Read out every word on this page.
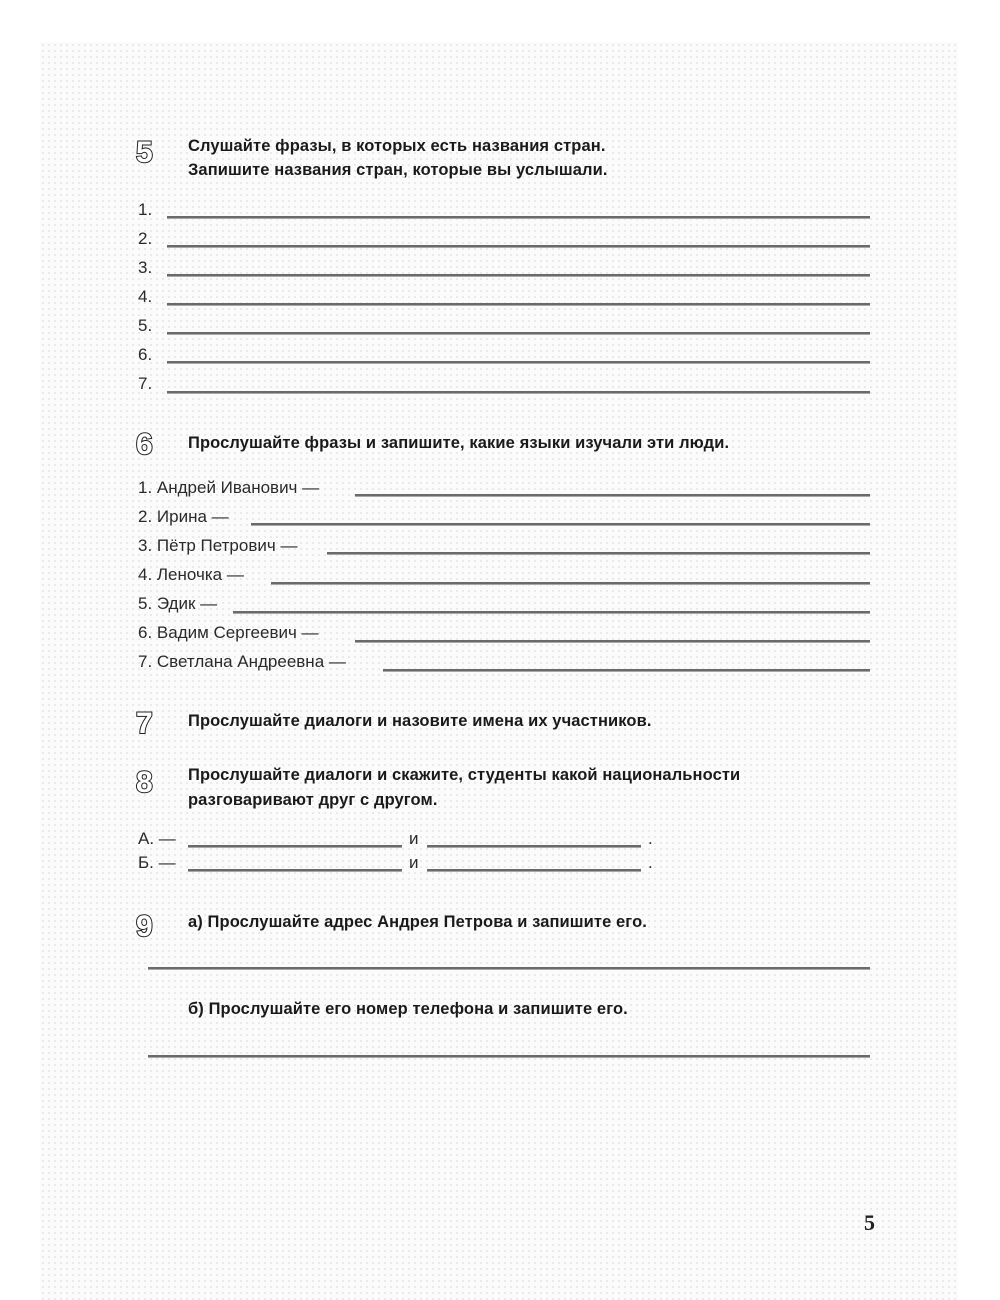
5 Слушайте фразы, в которых есть названия стран.
Запишите названия стран, которые вы услышали.
1.
2.
3.
4.
5.
6.
7.
6 Прослушайте фразы и запишите, какие языки изучали эти люди.
1. Андрей Иванович —
2. Ирина —
3. Пётр Петрович —
4. Леночка —
5. Эдик —
6. Вадим Сергеевич —
7. Светлана Андреевна —
7 Прослушайте диалоги и назовите имена их участников.
8 Прослушайте диалоги и скажите, студенты какой национальности
разговаривают друг с другом.
А. —	и	.
Б. —	и	.
9 а) Прослушайте адрес Андрея Петрова и запишите его.
б) Прослушайте его номер телефона и запишите его.
5
